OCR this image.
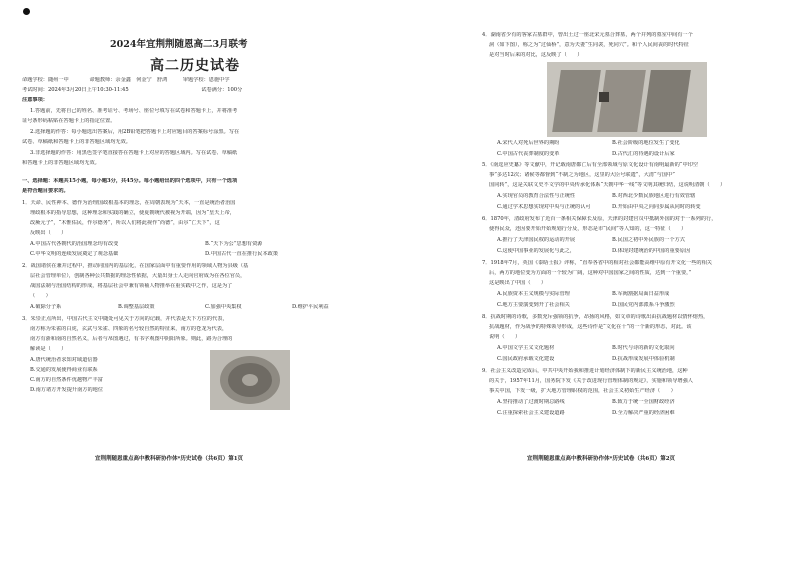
2024年宜荆荆随恩高二3月联考
高二历史试卷
命题学校：随州一中　　　　命题教师：余金鑫　何金宁　舒鸿　　　审题学校：恩施中学
考试时间：2024年3月20日上午10:30-11:45　　　　　　　　　　　　　　试卷满分：100分
注意事项：
1.答题前，先将自己的姓名、准考证号、考场号、座位号填写在试卷和答题卡上，并将准考
证号条形码粘贴在答题卡上的指定位置。
2.选择题的作答：每小题选出答案后，用2B铅笔把答题卡上对应题目的答案标号涂黑。写在
试卷、草稿纸和答题卡上的非答题区域均无效。
3.非选择题的作答：用黑色签字笔直接答在答题卡上对应的答题区域内。写在试卷、草稿纸
和答题卡上的非答题区域均无效。
一、选择题：本题共15小题，每小题3分，共45分。每小题给出的四个选项中，只有一个选项
是符合题目要求的。
1．天命、民性神本、德作为治理国政根基本的理念，在周朝表现为“天本，一直是统治者治国
理政根本的指导思想，这种理念和实践的确立，使夏朝统代被视为开端，因为“皇天上帝，
改厥元子”，“木惟佑民，作尔德务”，所以人们将此视作“尚德”，由尔“亡天下”，这
反映出（　　）
A.中国古代各朝代的治国理念均有改变	B.“天下为公”思想有资源
C.中华文明的连续发展奠定了观念基础	D.中国古代一直在推行民本政策
2．战国诸侯在兼并过程中，推动同国内的基层化，在国家层面中有重要作用的领域人物为县级（基
层社会管理单位），创制各种公共数据的理念性依据，大量出身士人走向官府成为在各位官员，
战国法制与治国结构的形成，将基层社会中兼有领袖人物推举在重实践中之作，这是为了
（　　）
A.破除分子系	B.调整基层政策	C.加强中央集权	D.维护平民利益
3．朱崇正点所出，中国古代主文中随处可见关于方向的记载，并代表是天下方位的代表，
南方称为朱雀的白虎，玄武与朱雀、四象的名号较自然的特征来，南方的苍龙为代表，
南方有浙和南的自然名义，后者与帛图遇过，有书字观图中阴阳所象。则此，路为合理的
解读是（　　）
A.唐代统治者求知对域道信器
B.交通的发展使得商业有联系
C.南方的自然条件优越物产丰富
D.南方诸方开发提升南方的地位
宜荆荆随恩重点高中教科研协作体*历史试卷（共6页）第1页
4．湖南省少有的客家古墓群中，曾出土过一座北宋元墓合葬墓，两个并列的墓室中间有一个
洞（如下图），称之为“过仙桥”，意为夫妻“生同衾，死同穴”。和个人民间丧的时代特征
是对当时后来的对比，这反映了（　　）
A.宋代人对死后世界的期盼	B.社会阶级的地位发生了变化
C.中国古代丧葬制度的变革	D.古代汇的待遇的设计后家
5．《南逕应史纂》等文献中，开记载南唐都亡后有全部领域与原文化设计有南明最新的“中印空
事”多达12次；诸候等都督到“不制之为地区，这里的大臣号联遗”，大清“与国中”
国同转”，这是关联文史不文学的中央传承化体系“天朝中华一线”等文明其统归结，这说明清朝（　　）
A.实现官员的教育合法性与正统性	B.对西北少数民族地区进行有效管辖
C.通过学术思想实现对中央与正统的认可	D.开始由中央之向同步属从同时的转变
6．1870年，清政府发布了近百一条相关保障长及原，天津的封建官员中抵制外国的对于一系列的行，
使得民众，还因要开始开始规划行分及，形态是市“民间”等人知的，这一特征（　　）
A.推行了天津国民权的运动的开展	B.民国之初中外民族的一个方式
C.这使中国事业的发展化与此之，	D.体现封建统治的中国的重要原因
7．1918年7月，英国《泰晤士报》评称，“直奉各省中的相对社会都能高维中原有开文化一些的相关
后，两方的地位变为方面的一个较为广阔，这种对中国国家之间的性质，达到一个重要，”
这是映出了中国（　　）
A.民族资本主义规模与实际管理	B.军阀割据局面日益形成
C.地方主要演变到开了社会相关	D.国民党内部派系斗争激烈
8．抗战时期的诗歌，多数充斥强领的抗争，昂扬的风格，如文章的诗歌出由抗战题材以情怀熔热，
抗战题材，作为战争的特殊领导形成，这些诗作是“文化在十”的一个新的形态，对此。该
说明（　　）
A.中国文学主义文化题材	B.时代与诗的新的文化取向
C.国民政府承载文化建设	D.抗战形成发展中体验机制
9．社会主义改造完成后，中共中央开始我和推进计划经济体制下的新民主义统治地，这种
的关于，1957年11月，国务院下发《关于改进现行管理体制的规定》，实施和领导增强人
事关中国，下发一级，扩大地方管理职权的范围，社会主义初始生产经济（　　）
A.坚持推动了过渡时期总路线	B.致力于统一全国财政经济
C.注重探索社会主义建设道路	D.全力解决严重的经济困难
宜荆荆随恩重点高中教科研协作体*历史试卷（共6页）第2页
